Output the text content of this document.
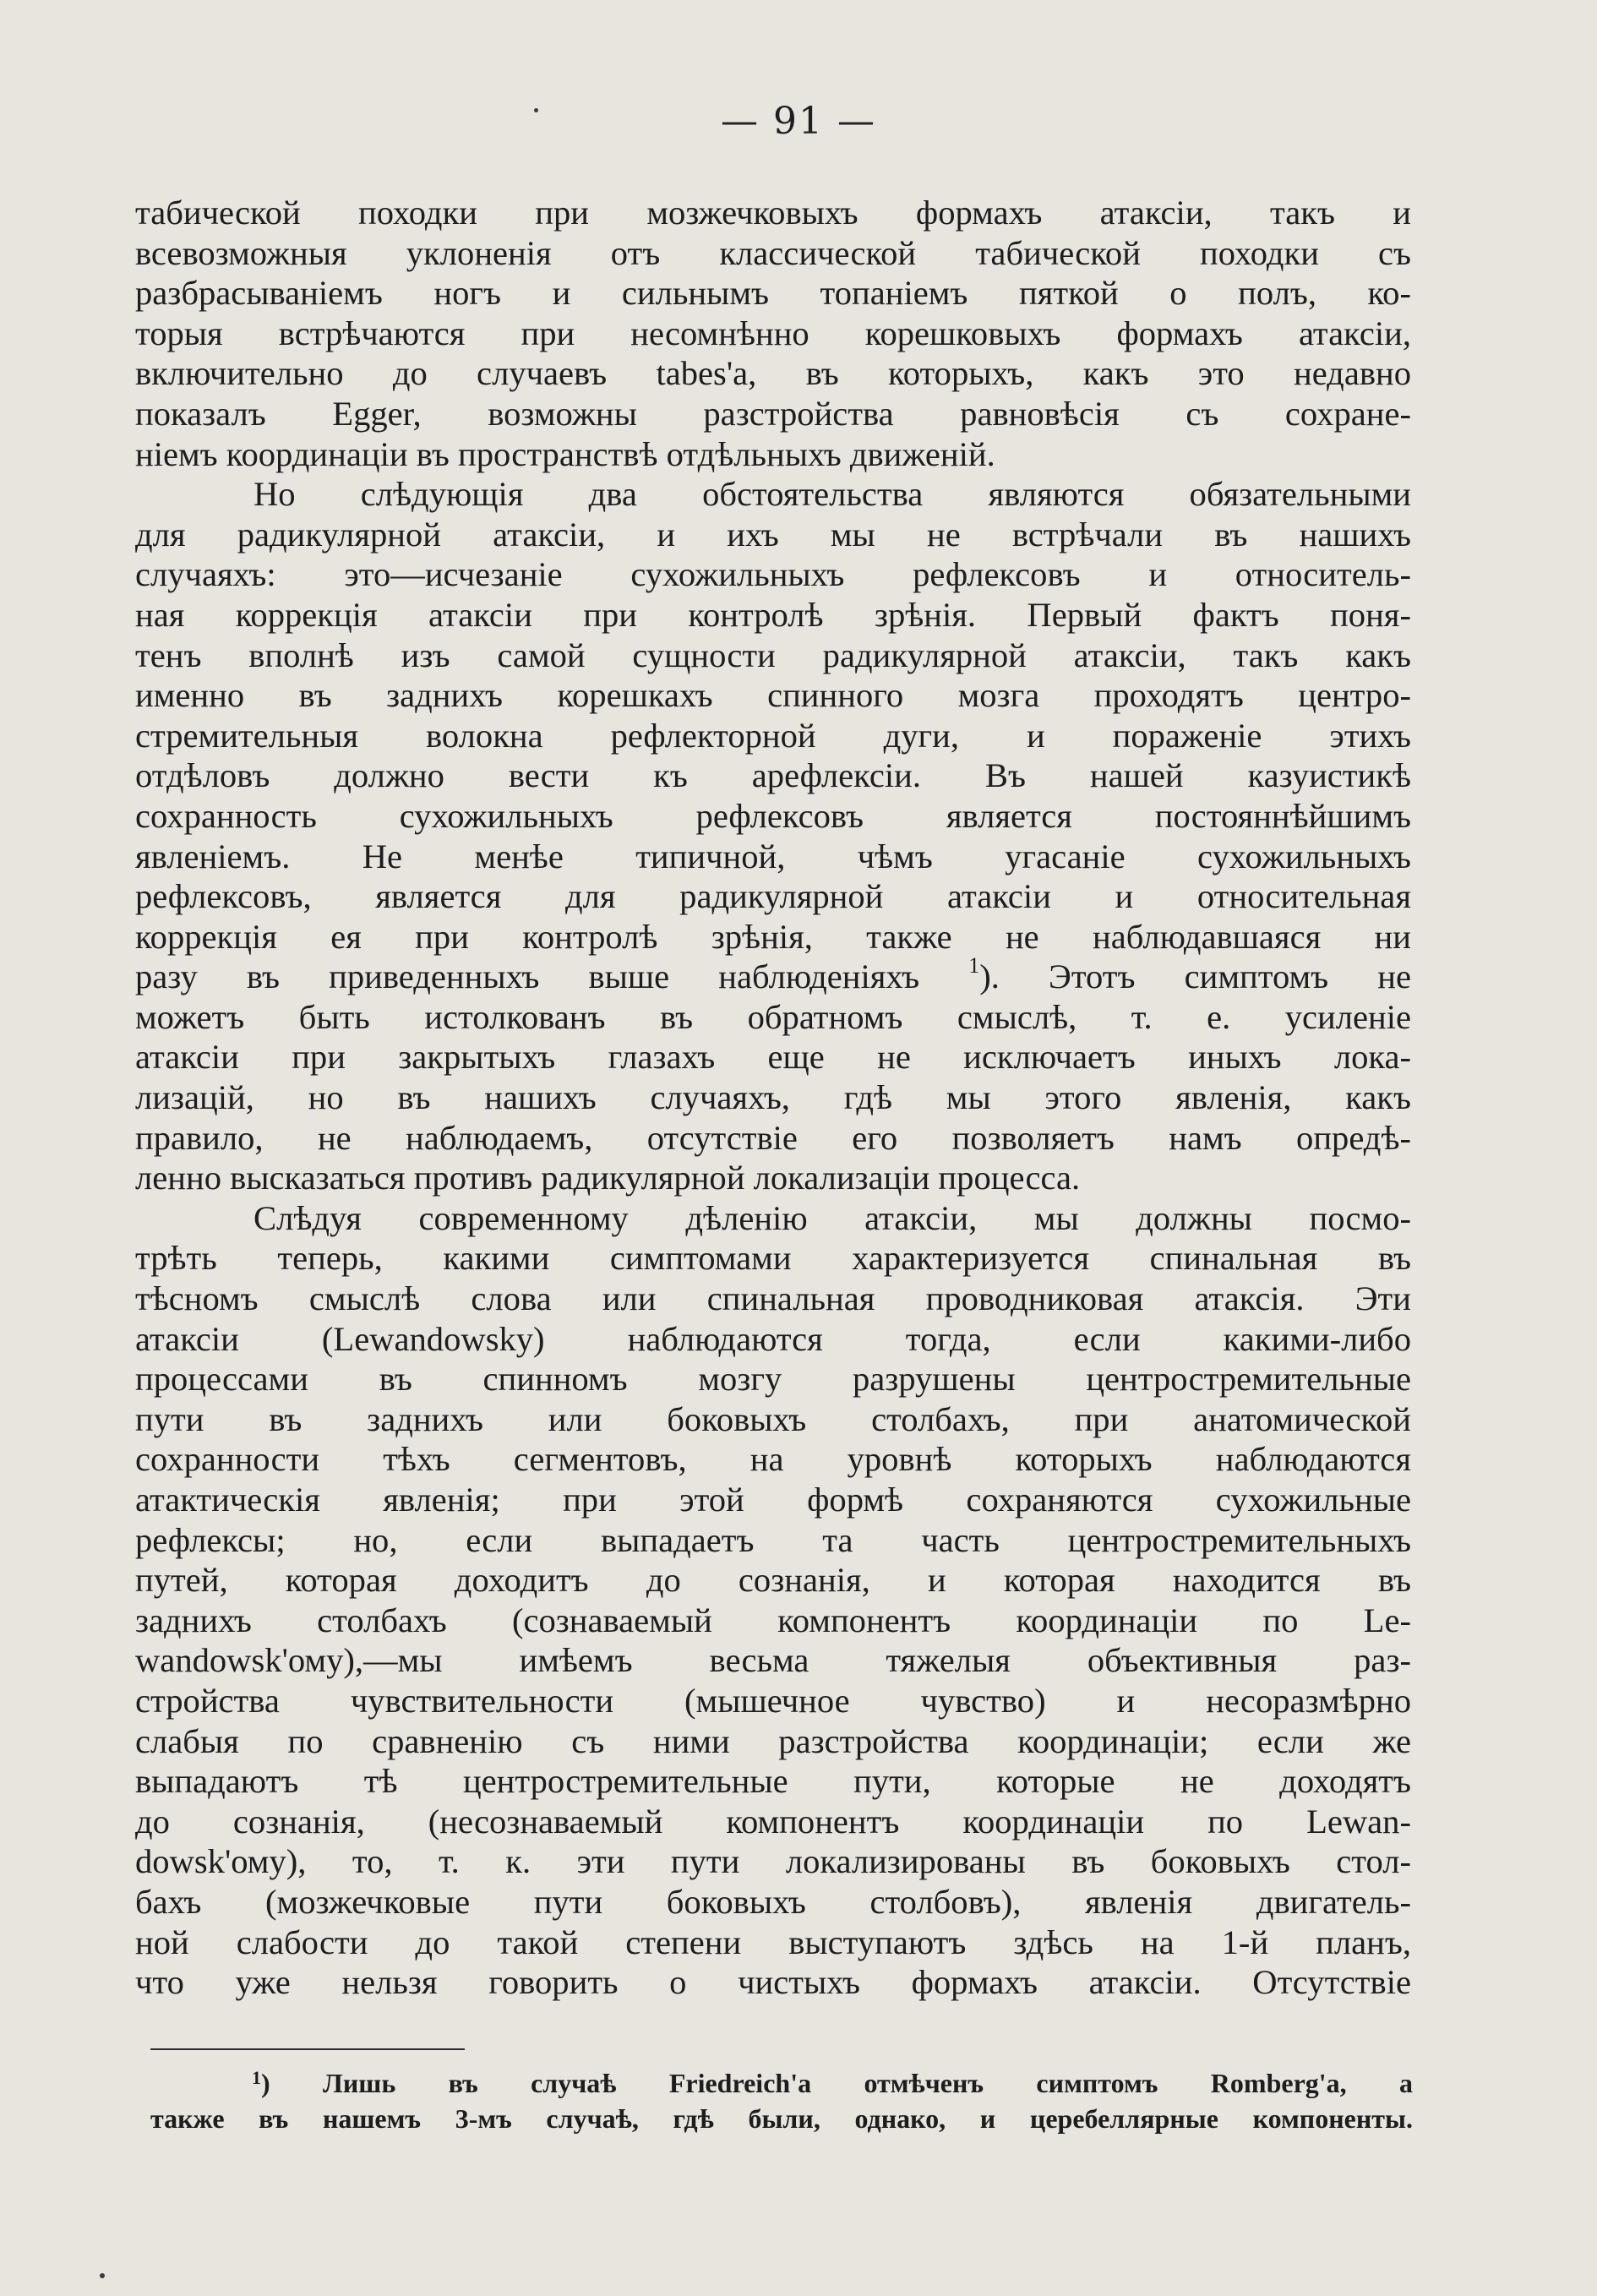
— 91 —
табической походки при мозжечковыхъ формахъ атаксіи, такъ и
всевозможныя уклоненія отъ классической табической походки съ
разбрасываніемъ ногъ и сильнымъ топаніемъ пяткой о полъ, ко-
торыя встрѣчаются при несомнѣнно корешковыхъ формахъ атаксіи,
включительно до случаевъ tabes'а, въ которыхъ, какъ это недавно
показалъ Egger, возможны разстройства равновѣсія съ сохране-
ніемъ координаціи въ пространствѣ отдѣльныхъ движеній.
Но слѣдующія два обстоятельства являются обязательными
для радикулярной атаксіи, и ихъ мы не встрѣчали въ нашихъ
случаяхъ: это—исчезаніе сухожильныхъ рефлексовъ и относитель-
ная коррекція атаксіи при контролѣ зрѣнія. Первый фактъ поня-
тенъ вполнѣ изъ самой сущности радикулярной атаксіи, такъ какъ
именно въ заднихъ корешкахъ спинного мозга проходятъ центро-
стремительныя волокна рефлекторной дуги, и пораженіе этихъ
отдѣловъ должно вести къ арефлексіи. Въ нашей казуистикѣ
сохранность сухожильныхъ рефлексовъ является постояннѣйшимъ
явленіемъ. Не менѣе типичной, чѣмъ угасаніе сухожильныхъ
рефлексовъ, является для радикулярной атаксіи и относительная
коррекція ея при контролѣ зрѣнія, также не наблюдавшаяся ни
разу въ приведенныхъ выше наблюденіяхъ $^1$). Этотъ симптомъ не
можетъ быть истолкованъ въ обратномъ смыслѣ, т. е. усиленіе
атаксіи при закрытыхъ глазахъ еще не исключаетъ иныхъ лока-
лизацій, но въ нашихъ случаяхъ, гдѣ мы этого явленія, какъ
правило, не наблюдаемъ, отсутствіе его позволяетъ намъ опредѣ-
ленно высказаться противъ радикулярной локализаціи процесса.
Слѣдуя современному дѣленію атаксіи, мы должны посмо-
трѣть теперь, какими симптомами характеризуется спинальная въ
тѣсномъ смыслѣ слова или спинальная проводниковая атаксія. Эти
атаксіи (Lewandowsky) наблюдаются тогда, если какими-либо
процессами въ спинномъ мозгу разрушены центростремительные
пути въ заднихъ или боковыхъ столбахъ, при анатомической
сохранности тѣхъ сегментовъ, на уровнѣ которыхъ наблюдаются
атактическія явленія; при этой формѣ сохраняются сухожильные
рефлексы; но, если выпадаетъ та часть центростремительныхъ
путей, которая доходитъ до сознанія, и которая находится въ
заднихъ столбахъ (сознаваемый компонентъ координаціи по Le-
wandowsk'ому),—мы имѣемъ весьма тяжелыя объективныя раз-
стройства чувствительности (мышечное чувство) и несоразмѣрно
слабыя по сравненію съ ними разстройства координаціи; если же
выпадаютъ тѣ центростремительные пути, которые не доходятъ
до сознанія, (несознаваемый компонентъ координаціи по Lewan-
dowsk'ому), то, т. к. эти пути локализированы въ боковыхъ стол-
бахъ (мозжечковые пути боковыхъ столбовъ), явленія двигатель-
ной слабости до такой степени выступаютъ здѣсь на 1-й планъ,
что уже нельзя говорить о чистыхъ формахъ атаксіи. Отсутствіе
$^1$) Лишь въ случаѣ Friedreich'а отмѣченъ симптомъ Romberg'а, а
также въ нашемъ 3-мъ случаѣ, гдѣ были, однако, и церебеллярные компоненты.
